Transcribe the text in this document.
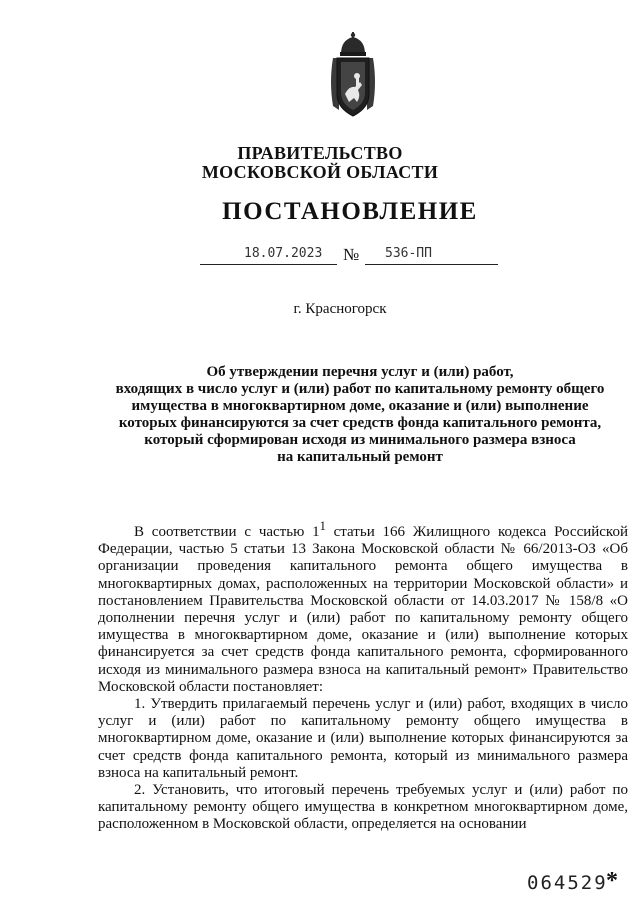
ПРАВИТЕЛЬСТВО
МОСКОВСКОЙ ОБЛАСТИ
ПОСТАНОВЛЕНИЕ
18.07.2023 № 536-ПП
г. Красногорск
Об утверждении перечня услуг и (или) работ,
входящих в число услуг и (или) работ по капитальному ремонту общего
имущества в многоквартирном доме, оказание и (или) выполнение
которых финансируются за счет средств фонда капитального ремонта,
который сформирован исходя из минимального размера взноса
на капитальный ремонт

В соответствии с частью $1^1$ статьи 166 Жилищного кодекса Российской Федерации, частью 5 статьи 13 Закона Московской области № 66/2013-ОЗ «Об организации проведения капитального ремонта общего имущества в многоквартирных домах, расположенных на территории Московской области» и постановлением Правительства Московской области от 14.03.2017 № 158/8 «О дополнении перечня услуг и (или) работ по капитальному ремонту общего имущества в многоквартирном доме, оказание и (или) выполнение которых финансируется за счет средств фонда капитального ремонта, сформированного исходя из минимального размера взноса на капитальный ремонт» Правительство Московской области постановляет:

1. Утвердить прилагаемый перечень услуг и (или) работ, входящих в число услуг и (или) работ по капитальному ремонту общего имущества в многоквартирном доме, оказание и (или) выполнение которых финансируются за счет средств фонда капитального ремонта, который из минимального размера взноса на капитальный ремонт.

2. Установить, что итоговый перечень требуемых услуг и (или) работ по капитальному ремонту общего имущества в конкретном многоквартирном доме, расположенном в Московской области, определяется на основании

064529
*
